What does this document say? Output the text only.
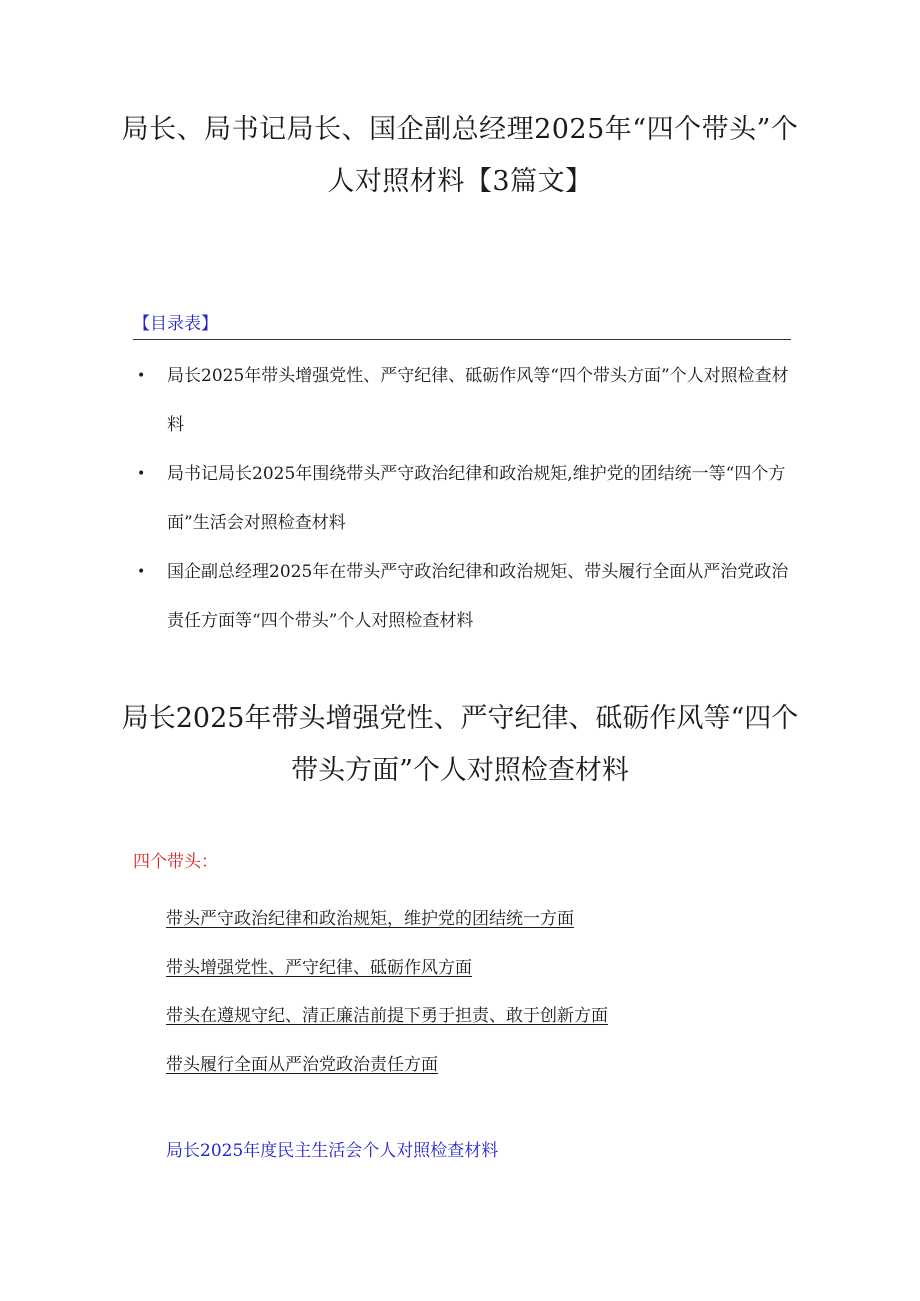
局长、局书记局长、国企副总经理2025年“四个带头”个人对照材料【3篇文】
【目录表】
• 局长2025年带头增强党性、严守纪律、砥砺作风等“四个带头方面”个人对照检查材料
• 局书记局长2025年围绕带头严守政治纪律和政治规矩,维护党的团结统一等“四个方面”生活会对照检查材料
• 国企副总经理2025年在带头严守政治纪律和政治规矩、带头履行全面从严治党政治责任方面等“四个带头”个人对照检查材料
局长2025年带头增强党性、严守纪律、砥砺作风等“四个带头方面”个人对照检查材料
四个带头：
带头严守政治纪律和政治规矩，维护党的团结统一方面
带头增强党性、严守纪律、砥砺作风方面
带头在遵规守纪、清正廉洁前提下勇于担责、敢于创新方面
带头履行全面从严治党政治责任方面
局长2025年度民主生活会个人对照检查材料
